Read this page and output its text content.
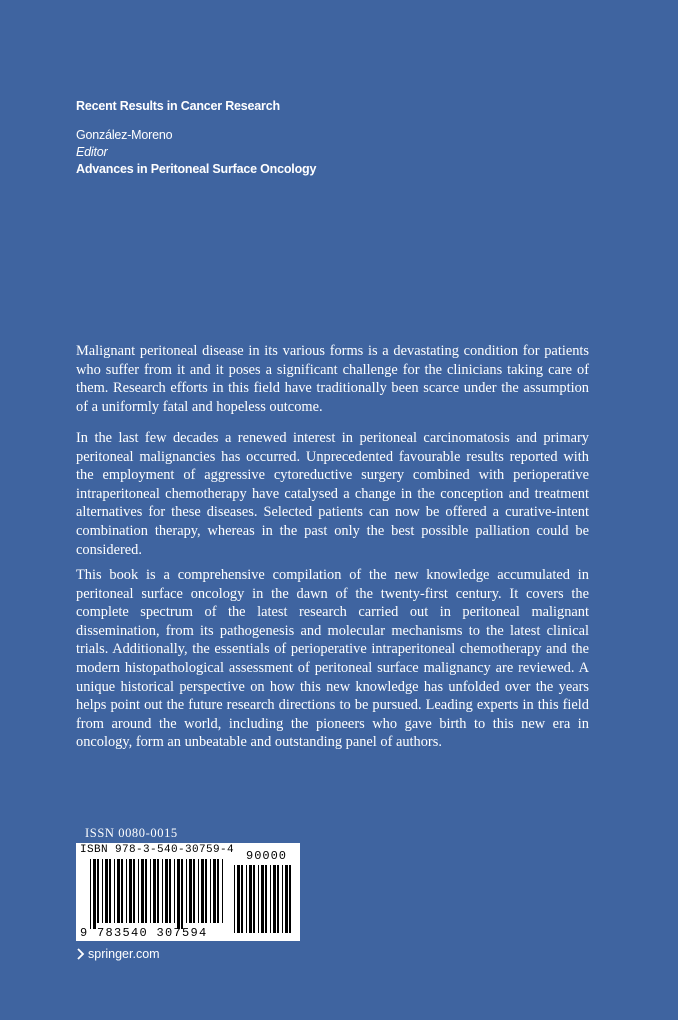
Recent Results in Cancer Research
González-Moreno
Editor
Advances in Peritoneal Surface Oncology
Malignant peritoneal disease in its various forms is a devastating condition for patients who suffer from it and it poses a significant challenge for the clinicians taking care of them. Research efforts in this field have traditionally been scarce under the assumption of a uniformly fatal and hopeless outcome.
In the last few decades a renewed interest in peritoneal carcinomatosis and primary peritoneal malignancies has occurred. Unprecedented favourable results reported with the employment of aggressive cytoreductive surgery combined with perioperative intraperitoneal chemotherapy have catalysed a change in the conception and treatment alternatives for these diseases. Selected patients can now be offered a curative-intent combination therapy, whereas in the past only the best possible palliation could be considered.
This book is a comprehensive compilation of the new knowledge accumulated in peritoneal surface oncology in the dawn of the twenty-first century. It covers the complete spectrum of the latest research carried out in peritoneal malignant dissemination, from its pathogenesis and molecular mechanisms to the latest clinical trials. Additionally, the essentials of perioperative intraperitoneal chemotherapy and the modern histopathological assessment of peritoneal surface malignancy are reviewed. A unique historical perspective on how this new knowledge has unfolded over the years helps point out the future research directions to be pursued. Leading experts in this field from around the world, including the pioneers who gave birth to this new era in oncology, form an unbeatable and outstanding panel of authors.
ISSN 0080-0015
ISBN 978-3-540-30759-4 90000
9 783540 307594
springer.com
